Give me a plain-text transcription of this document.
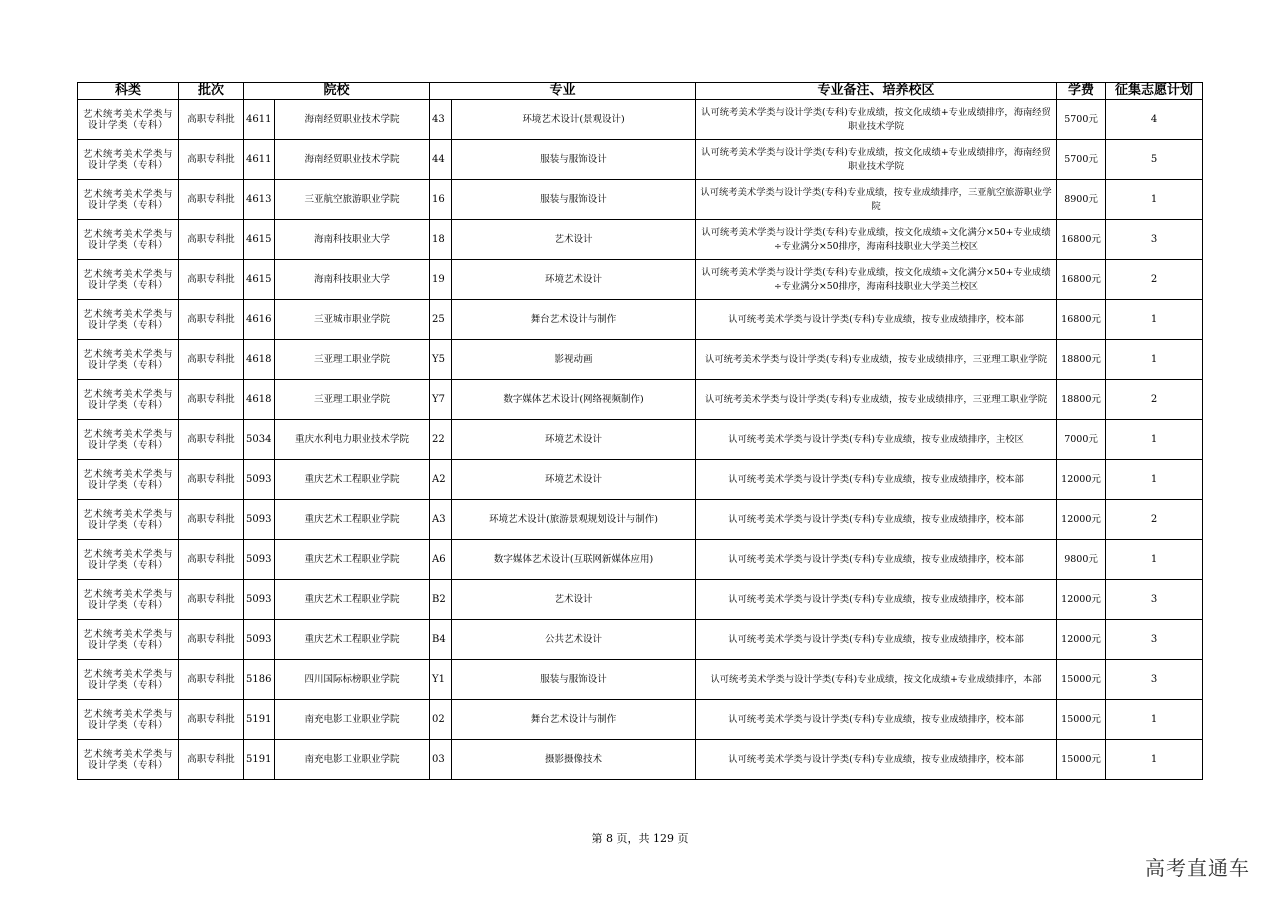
科类	批次	院校		专业		专业备注、培养校区	学费	征集志愿计划
艺术统考美术学类与设计学类（专科）	高职专科批	4611	海南经贸职业技术学院	43	环境艺术设计(景观设计)	认可统考美术学类与设计学类(专科)专业成绩，按文化成绩+专业成绩排序，海南经贸职业技术学院	5700元	4
艺术统考美术学类与设计学类（专科）	高职专科批	4611	海南经贸职业技术学院	44	服装与服饰设计	认可统考美术学类与设计学类(专科)专业成绩，按文化成绩+专业成绩排序，海南经贸职业技术学院	5700元	5
艺术统考美术学类与设计学类（专科）	高职专科批	4613	三亚航空旅游职业学院	16	服装与服饰设计	认可统考美术学类与设计学类(专科)专业成绩，按专业成绩排序，三亚航空旅游职业学院	8900元	1
艺术统考美术学类与设计学类（专科）	高职专科批	4615	海南科技职业大学	18	艺术设计	认可统考美术学类与设计学类(专科)专业成绩，按文化成绩÷文化满分×50+专业成绩÷专业满分×50排序，海南科技职业大学美兰校区	16800元	3
艺术统考美术学类与设计学类（专科）	高职专科批	4615	海南科技职业大学	19	环境艺术设计	认可统考美术学类与设计学类(专科)专业成绩，按文化成绩÷文化满分×50+专业成绩÷专业满分×50排序，海南科技职业大学美兰校区	16800元	2
艺术统考美术学类与设计学类（专科）	高职专科批	4616	三亚城市职业学院	25	舞台艺术设计与制作	认可统考美术学类与设计学类(专科)专业成绩，按专业成绩排序，校本部	16800元	1
艺术统考美术学类与设计学类（专科）	高职专科批	4618	三亚理工职业学院	Y5	影视动画	认可统考美术学类与设计学类(专科)专业成绩，按专业成绩排序，三亚理工职业学院	18800元	1
艺术统考美术学类与设计学类（专科）	高职专科批	4618	三亚理工职业学院	Y7	数字媒体艺术设计(网络视频制作)	认可统考美术学类与设计学类(专科)专业成绩，按专业成绩排序，三亚理工职业学院	18800元	2
艺术统考美术学类与设计学类（专科）	高职专科批	5034	重庆水利电力职业技术学院	22	环境艺术设计	认可统考美术学类与设计学类(专科)专业成绩，按专业成绩排序，主校区	7000元	1
艺术统考美术学类与设计学类（专科）	高职专科批	5093	重庆艺术工程职业学院	A2	环境艺术设计	认可统考美术学类与设计学类(专科)专业成绩，按专业成绩排序，校本部	12000元	1
艺术统考美术学类与设计学类（专科）	高职专科批	5093	重庆艺术工程职业学院	A3	环境艺术设计(旅游景观规划设计与制作)	认可统考美术学类与设计学类(专科)专业成绩，按专业成绩排序，校本部	12000元	2
艺术统考美术学类与设计学类（专科）	高职专科批	5093	重庆艺术工程职业学院	A6	数字媒体艺术设计(互联网新媒体应用)	认可统考美术学类与设计学类(专科)专业成绩，按专业成绩排序，校本部	9800元	1
艺术统考美术学类与设计学类（专科）	高职专科批	5093	重庆艺术工程职业学院	B2	艺术设计	认可统考美术学类与设计学类(专科)专业成绩，按专业成绩排序，校本部	12000元	3
艺术统考美术学类与设计学类（专科）	高职专科批	5093	重庆艺术工程职业学院	B4	公共艺术设计	认可统考美术学类与设计学类(专科)专业成绩，按专业成绩排序，校本部	12000元	3
艺术统考美术学类与设计学类（专科）	高职专科批	5186	四川国际标榜职业学院	Y1	服装与服饰设计	认可统考美术学类与设计学类(专科)专业成绩，按文化成绩+专业成绩排序，本部	15000元	3
艺术统考美术学类与设计学类（专科）	高职专科批	5191	南充电影工业职业学院	02	舞台艺术设计与制作	认可统考美术学类与设计学类(专科)专业成绩，按专业成绩排序，校本部	15000元	1
艺术统考美术学类与设计学类（专科）	高职专科批	5191	南充电影工业职业学院	03	摄影摄像技术	认可统考美术学类与设计学类(专科)专业成绩，按专业成绩排序，校本部	15000元	1
第 8 页，共 129 页
高考直通车
